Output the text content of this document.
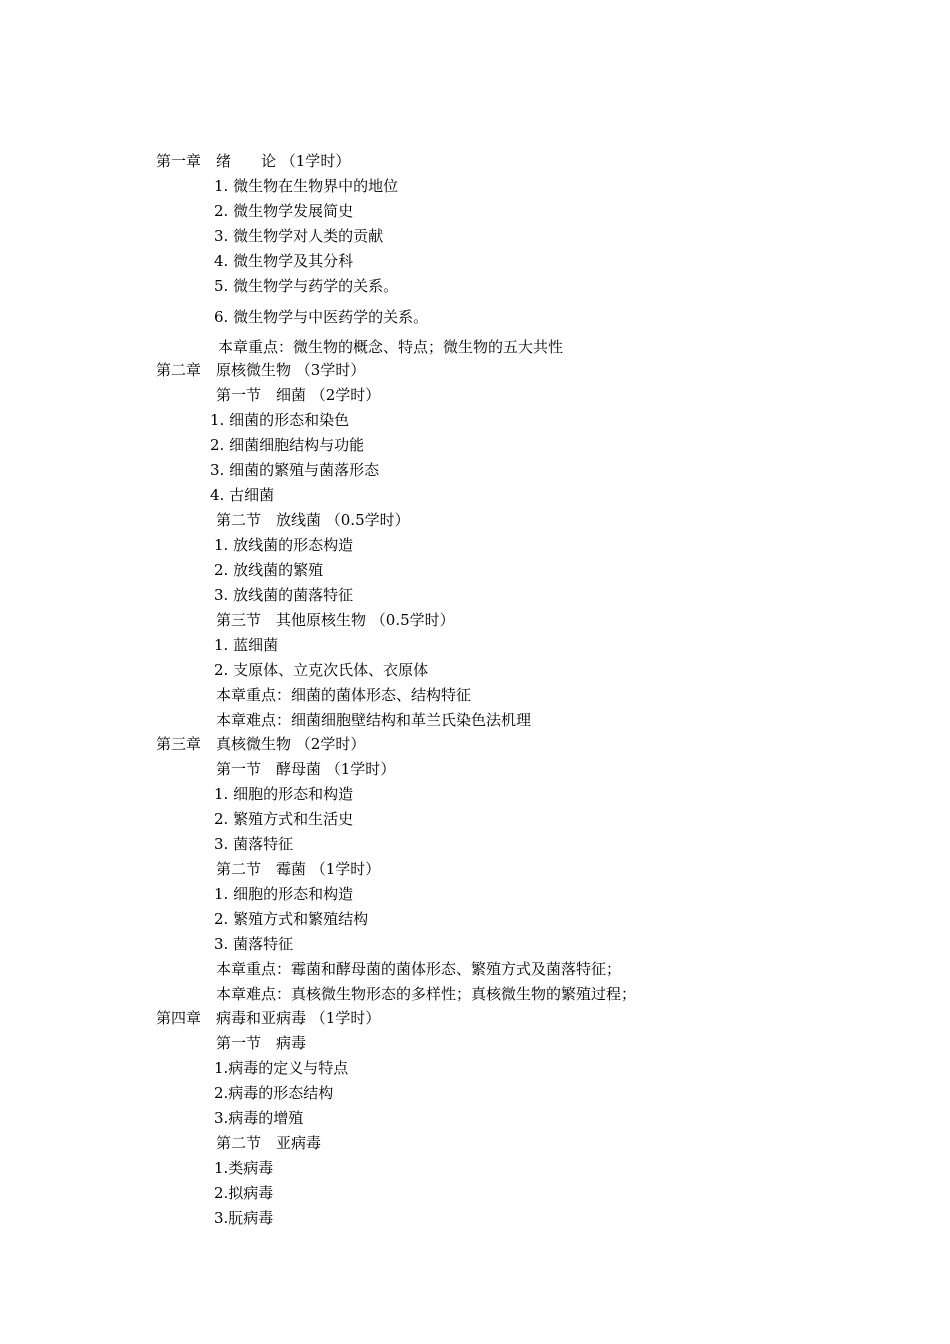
第一章　绪　　论 （1学时）
1. 微生物在生物界中的地位
2. 微生物学发展简史
3. 微生物学对人类的贡献
4. 微生物学及其分科
5. 微生物学与药学的关系。
6. 微生物学与中医药学的关系。
本章重点：微生物的概念、特点；微生物的五大共性
第二章　原核微生物 （3学时）
第一节　细菌 （2学时）
1. 细菌的形态和染色
2. 细菌细胞结构与功能
3. 细菌的繁殖与菌落形态
4. 古细菌
第二节　放线菌 （0.5学时）
1. 放线菌的形态构造
2. 放线菌的繁殖
3. 放线菌的菌落特征
第三节　其他原核生物 （0.5学时）
1. 蓝细菌
2. 支原体、立克次氏体、衣原体
本章重点：细菌的菌体形态、结构特征
本章难点：细菌细胞壁结构和革兰氏染色法机理
第三章　真核微生物 （2学时）
第一节　酵母菌 （1学时）
1. 细胞的形态和构造
2. 繁殖方式和生活史
3. 菌落特征
第二节　霉菌 （1学时）
1. 细胞的形态和构造
2. 繁殖方式和繁殖结构
3. 菌落特征
本章重点：霉菌和酵母菌的菌体形态、繁殖方式及菌落特征；
本章难点：真核微生物形态的多样性；真核微生物的繁殖过程；
第四章　病毒和亚病毒 （1学时）
第一节　病毒
1.病毒的定义与特点
2.病毒的形态结构
3.病毒的增殖
第二节　亚病毒
1.类病毒
2.拟病毒
3.朊病毒
